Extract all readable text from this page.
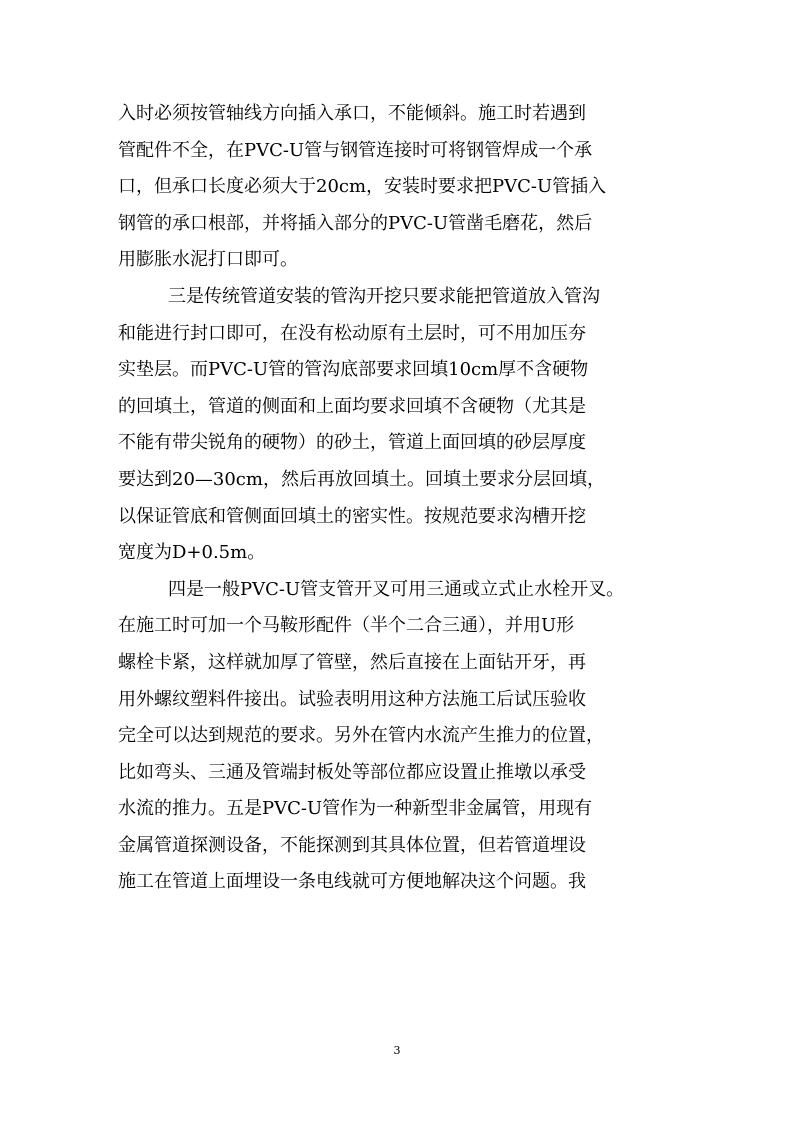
入时必须按管轴线方向插入承口，不能倾斜。施工时若遇到
管配件不全，在PVC-U管与钢管连接时可将钢管焊成一个承
口，但承口长度必须大于20cm，安装时要求把PVC-U管插入
钢管的承口根部，并将插入部分的PVC-U管凿毛磨花，然后
用膨胀水泥打口即可。
三是传统管道安装的管沟开挖只要求能把管道放入管沟
和能进行封口即可，在没有松动原有土层时，可不用加压夯
实垫层。而PVC-U管的管沟底部要求回填10cm厚不含硬物
的回填土，管道的侧面和上面均要求回填不含硬物（尤其是
不能有带尖锐角的硬物）的砂土，管道上面回填的砂层厚度
要达到20—30cm，然后再放回填土。回填土要求分层回填，
以保证管底和管侧面回填土的密实性。按规范要求沟槽开挖
宽度为D+0.5m。
四是一般PVC-U管支管开叉可用三通或立式止水栓开叉。
在施工时可加一个马鞍形配件（半个二合三通），并用U形
螺栓卡紧，这样就加厚了管壁，然后直接在上面钻开牙，再
用外螺纹塑料件接出。试验表明用这种方法施工后试压验收
完全可以达到规范的要求。另外在管内水流产生推力的位置，
比如弯头、三通及管端封板处等部位都应设置止推墩以承受
水流的推力。五是PVC-U管作为一种新型非金属管，用现有
金属管道探测设备，不能探测到其具体位置，但若管道埋设
施工在管道上面埋设一条电线就可方便地解决这个问题。我
3
